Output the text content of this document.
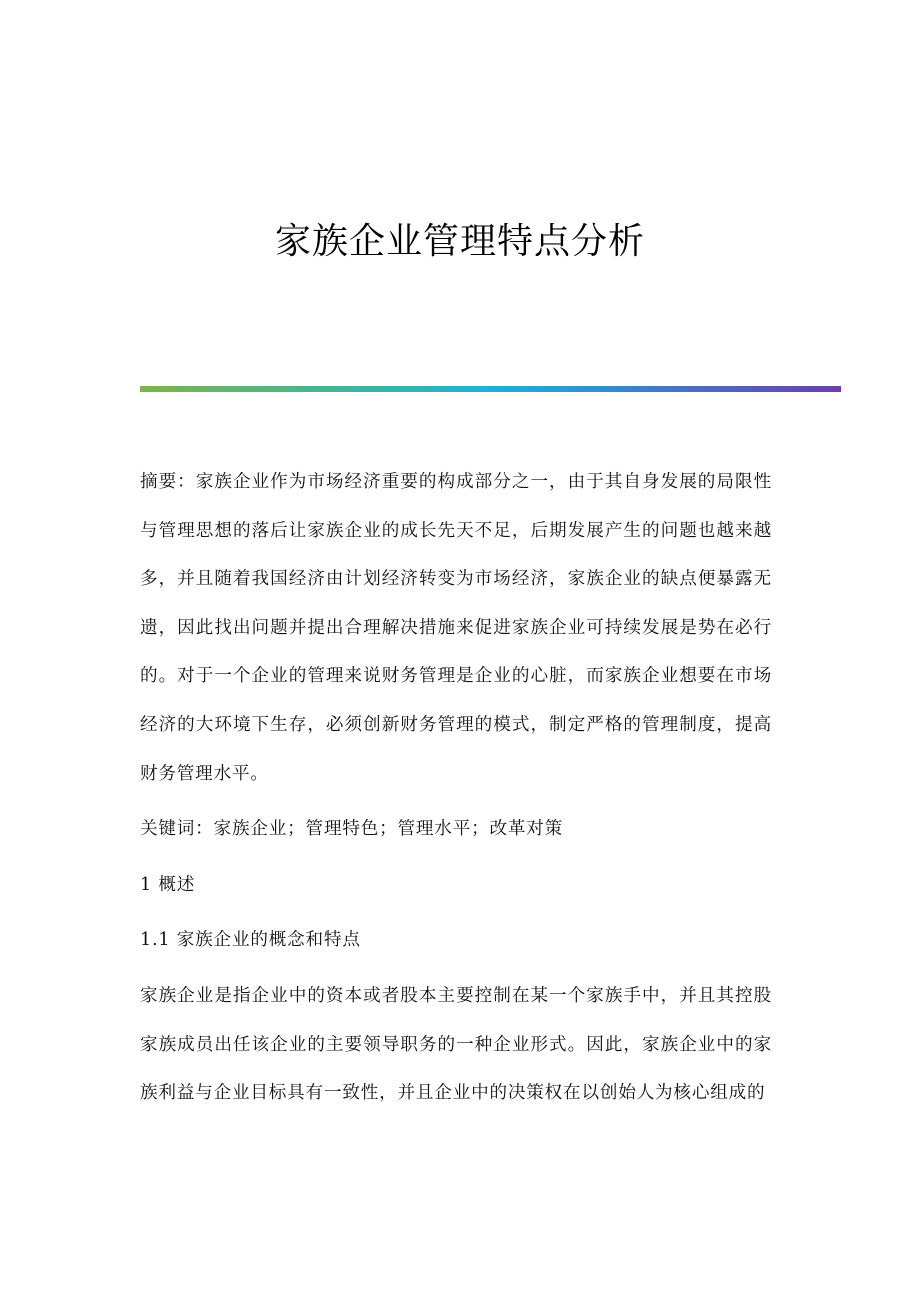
家族企业管理特点分析

摘要：家族企业作为市场经济重要的构成部分之一，由于其自身发展的局限性与管理思想的落后让家族企业的成长先天不足，后期发展产生的问题也越来越多，并且随着我国经济由计划经济转变为市场经济，家族企业的缺点便暴露无遗，因此找出问题并提出合理解决措施来促进家族企业可持续发展是势在必行的。对于一个企业的管理来说财务管理是企业的心脏，而家族企业想要在市场经济的大环境下生存，必须创新财务管理的模式，制定严格的管理制度，提高财务管理水平。

关键词：家族企业；管理特色；管理水平；改革对策

1 概述

1.1 家族企业的概念和特点

家族企业是指企业中的资本或者股本主要控制在某一个家族手中，并且其控股家族成员出任该企业的主要领导职务的一种企业形式。因此，家族企业中的家族利益与企业目标具有一致性，并且企业中的决策权在以创始人为核心组成的
